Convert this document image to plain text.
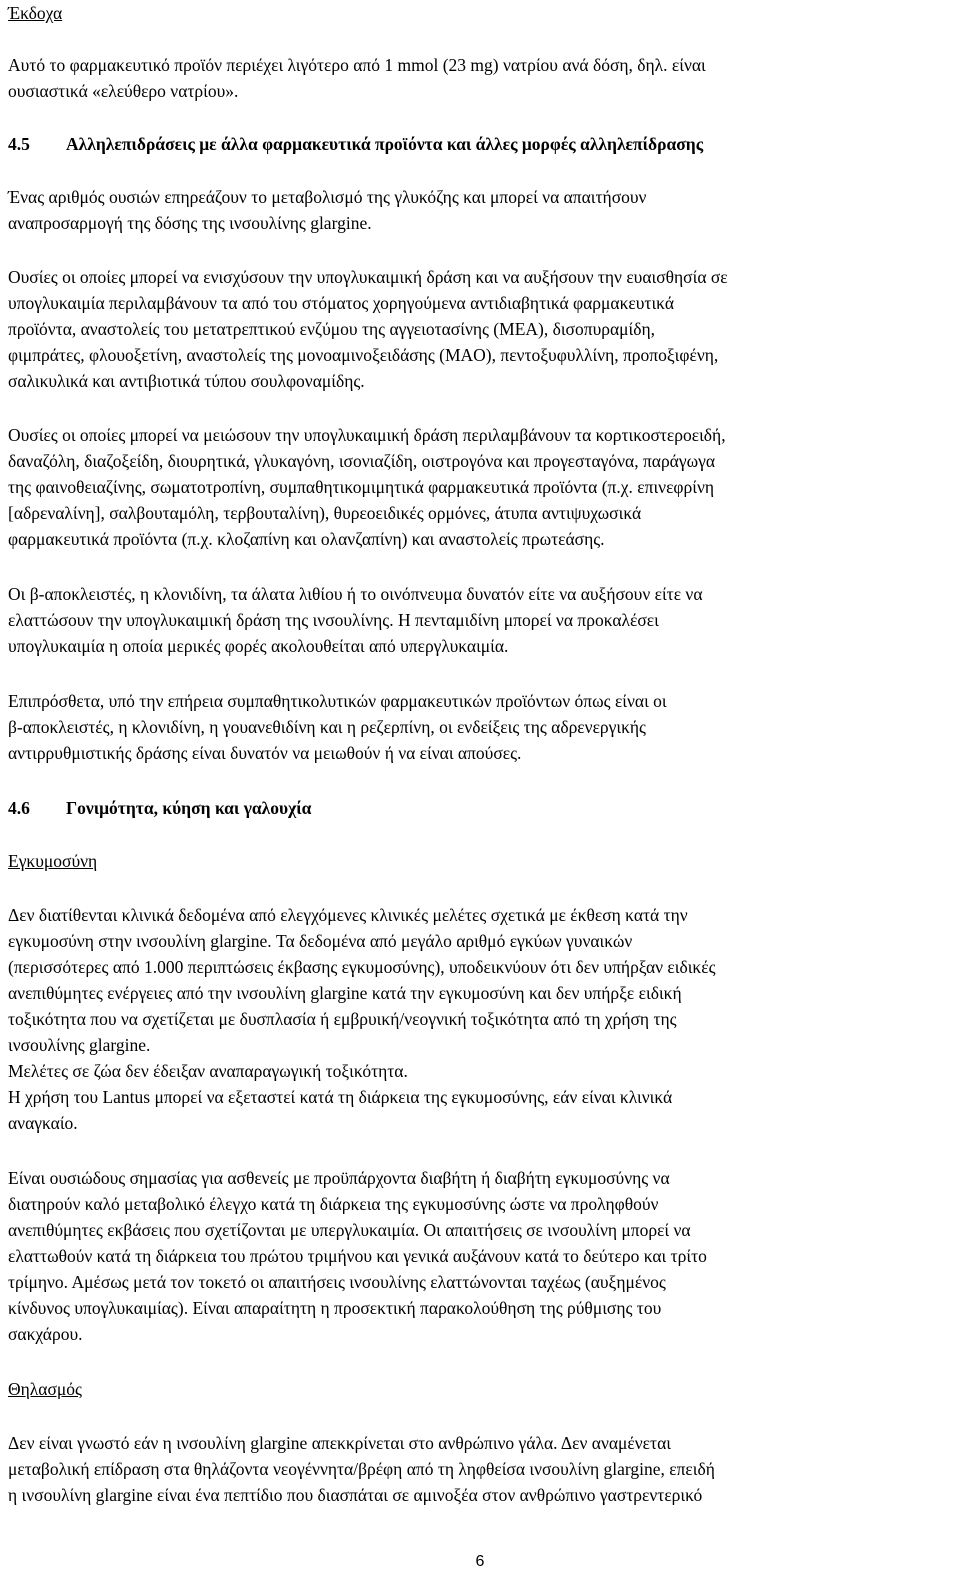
Έκδοχα
Αυτό το φαρμακευτικό προϊόν περιέχει λιγότερο από 1 mmol (23 mg) νατρίου ανά δόση, δηλ. είναι
ουσιαστικά «ελεύθερο νατρίου».
4.5 Αλληλεπιδράσεις με άλλα φαρμακευτικά προϊόντα και άλλες μορφές αλληλεπίδρασης
Ένας αριθμός ουσιών επηρεάζουν το μεταβολισμό της γλυκόζης και μπορεί να απαιτήσουν
αναπροσαρμογή της δόσης της ινσουλίνης glargine.
Ουσίες οι οποίες μπορεί να ενισχύσουν την υπογλυκαιμική δράση και να αυξήσουν την ευαισθησία σε
υπογλυκαιμία περιλαμβάνουν τα από του στόματος χορηγούμενα αντιδιαβητικά φαρμακευτικά
προϊόντα, αναστολείς του μετατρεπτικού ενζύμου της αγγειοτασίνης (ΜΕΑ), δισοπυραμίδη,
φιμπράτες, φλουοξετίνη, αναστολείς της μονοαμινοξειδάσης (MAO), πεντοξυφυλλίνη, προποξιφένη,
σαλικυλικά και αντιβιοτικά τύπου σουλφοναμίδης.
Ουσίες οι οποίες μπορεί να μειώσουν την υπογλυκαιμική δράση περιλαμβάνουν τα κορτικοστεροειδή,
δαναζόλη, διαζοξείδη, διουρητικά, γλυκαγόνη, ισονιαζίδη, οιστρογόνα και προγεσταγόνα, παράγωγα
της φαινοθειαζίνης, σωματοτροπίνη, συμπαθητικομιμητικά φαρμακευτικά προϊόντα (π.χ. επινεφρίνη
[αδρεναλίνη], σαλβουταμόλη, τερβουταλίνη), θυρεοειδικές ορμόνες, άτυπα αντιψυχωσικά
φαρμακευτικά προϊόντα (π.χ. κλοζαπίνη και ολανζαπίνη) και αναστολείς πρωτεάσης.
Οι β-αποκλειστές, η κλονιδίνη, τα άλατα λιθίου ή το οινόπνευμα δυνατόν είτε να αυξήσουν είτε να
ελαττώσουν την υπογλυκαιμική δράση της ινσουλίνης. Η πενταμιδίνη μπορεί να προκαλέσει
υπογλυκαιμία η οποία μερικές φορές ακολουθείται από υπεργλυκαιμία.
Επιπρόσθετα, υπό την επήρεια συμπαθητικολυτικών φαρμακευτικών προϊόντων όπως είναι οι
β-αποκλειστές, η κλονιδίνη, η γουανεθιδίνη και η ρεζερπίνη, οι ενδείξεις της αδρενεργικής
αντιρρυθμιστικής δράσης είναι δυνατόν να μειωθούν ή να είναι απούσες.
4.6 Γονιμότητα, κύηση και γαλουχία
Εγκυμοσύνη
Δεν διατίθενται κλινικά δεδομένα από ελεγχόμενες κλινικές μελέτες σχετικά με έκθεση κατά την
εγκυμοσύνη στην ινσουλίνη glargine. Τα δεδομένα από μεγάλο αριθμό εγκύων γυναικών
(περισσότερες από 1.000 περιπτώσεις έκβασης εγκυμοσύνης), υποδεικνύουν ότι δεν υπήρξαν ειδικές
ανεπιθύμητες ενέργειες από την ινσουλίνη glargine κατά την εγκυμοσύνη και δεν υπήρξε ειδική
τοξικότητα που να σχετίζεται με δυσπλασία ή εμβρυική/νεογνική τοξικότητα από τη χρήση της
ινσουλίνης glargine.
Μελέτες σε ζώα δεν έδειξαν αναπαραγωγική τοξικότητα.
Η χρήση του Lantus μπορεί να εξεταστεί κατά τη διάρκεια της εγκυμοσύνης, εάν είναι κλινικά
αναγκαίο.
Είναι ουσιώδους σημασίας για ασθενείς με προϋπάρχοντα διαβήτη ή διαβήτη εγκυμοσύνης να
διατηρούν καλό μεταβολικό έλεγχο κατά τη διάρκεια της εγκυμοσύνης ώστε να προληφθούν
ανεπιθύμητες εκβάσεις που σχετίζονται με υπεργλυκαιμία. Οι απαιτήσεις σε ινσουλίνη μπορεί να
ελαττωθούν κατά τη διάρκεια του πρώτου τριμήνου και γενικά αυξάνουν κατά το δεύτερο και τρίτο
τρίμηνο. Αμέσως μετά τον τοκετό οι απαιτήσεις ινσουλίνης ελαττώνονται ταχέως (αυξημένος
κίνδυνος υπογλυκαιμίας). Είναι απαραίτητη η προσεκτική παρακολούθηση της ρύθμισης του
σακχάρου.
Θηλασμός
Δεν είναι γνωστό εάν η ινσουλίνη glargine απεκκρίνεται στο ανθρώπινο γάλα. Δεν αναμένεται
μεταβολική επίδραση στα θηλάζοντα νεογέννητα/βρέφη από τη ληφθείσα ινσουλίνη glargine, επειδή
η ινσουλίνη glargine είναι ένα πεπτίδιο που διασπάται σε αμινοξέα στον ανθρώπινο γαστρεντερικό
6
